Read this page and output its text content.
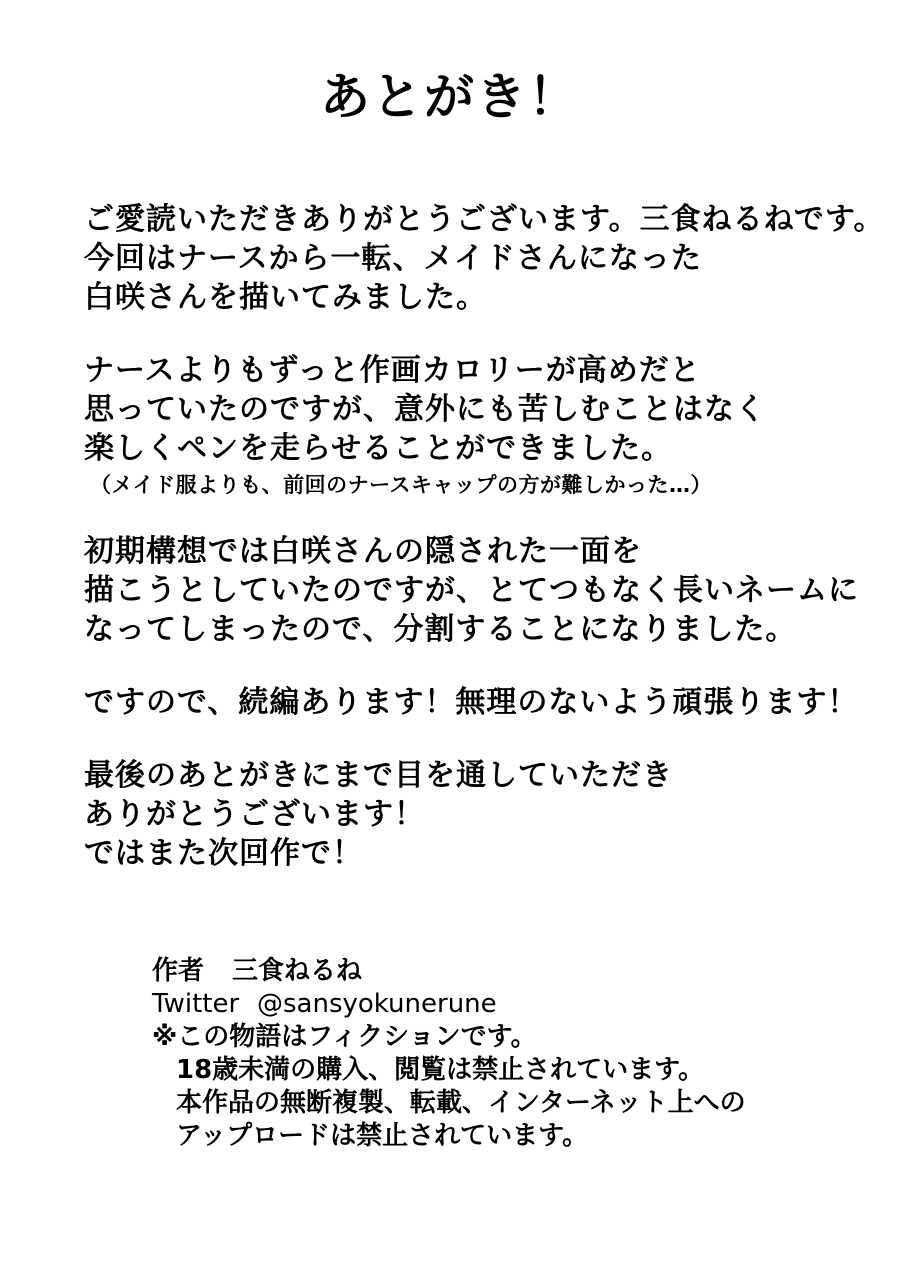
あとがき！
ご愛読いただきありがとうございます。三食ねるねです。
今回はナースから一転、メイドさんになった
白咲さんを描いてみました。
ナースよりもずっと作画カロリーが高めだと
思っていたのですが、意外にも苦しむことはなく
楽しくペンを走らせることができました。
（メイド服よりも、前回のナースキャップの方が難しかった…）
初期構想では白咲さんの隠された一面を
描こうとしていたのですが、とてつもなく長いネームに
なってしまったので、分割することになりました。
ですので、続編あります！無理のないよう頑張ります！
最後のあとがきにまで目を通していただき
ありがとうございます！
ではまた次回作で！
作者 三食ねるね
Twitter @sansyokunerune
※この物語はフィクションです。
18歳未満の購入、閲覧は禁止されています。
本作品の無断複製、転載、インターネット上への
アップロードは禁止されています。
